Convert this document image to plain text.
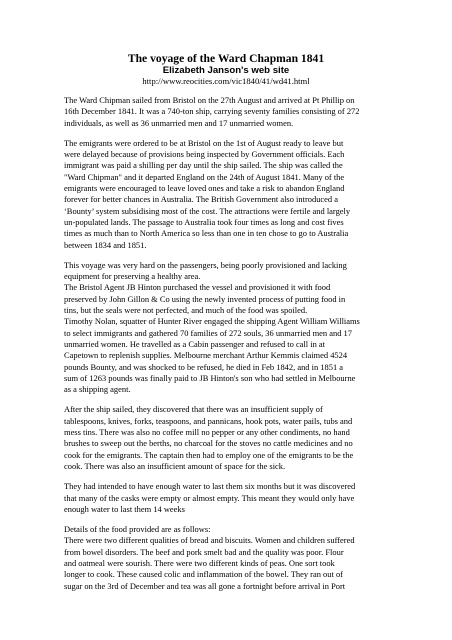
The voyage of the Ward Chapman 1841
Elizabeth Janson's web site
http://www.reocities.com/vic1840/41/wd41.html

The Ward Chipman sailed from Bristol on the 27th August and arrived at Pt Phillip on
16th December 1841. It was a 740-ton ship, carrying seventy families consisting of 272
individuals, as well as 36 unmarried men and 17 unmarried women.

The emigrants were ordered to be at Bristol on the 1st of August ready to leave but
were delayed because of provisions being inspected by Government officials. Each
immigrant was paid a shilling per day until the ship sailed. The ship was called the
"Ward Chipman" and it departed England on the 24th of August 1841. Many of the
emigrants were encouraged to leave loved ones and take a risk to abandon England
forever for better chances in Australia. The British Government also introduced a
‘Bounty’ system subsidising most of the cost. The attractions were fertile and largely
un-populated lands. The passage to Australia took four times as long and cost fives
times as much than to North America so less than one in ten chose to go to Australia
between 1834 and 1851.

This voyage was very hard on the passengers, being poorly provisioned and lacking
equipment for preserving a healthy area.
The Bristol Agent JB Hinton purchased the vessel and provisioned it with food
preserved by John Gillon & Co using the newly invented process of putting food in
tins, but the seals were not perfected, and much of the food was spoiled.
Timothy Nolan, squatter of Hunter River engaged the shipping Agent William Williams
to select immigrants and gathered 70 families of 272 souls, 36 unmarried men and 17
unmarried women. He travelled as a Cabin passenger and refused to call in at
Capetown to replenish supplies. Melbourne merchant Arthur Kemmis claimed 4524
pounds Bounty, and was shocked to be refused, he died in Feb 1842, and in 1851 a
sum of 1263 pounds was finally paid to JB Hinton's son who had settled in Melbourne
as a shipping agent.

After the ship sailed, they discovered that there was an insufficient supply of
tablespoons, knives, forks, teaspoons, and pannicans, hook pots, water pails, tubs and
mess tins. There was also no coffee mill no pepper or any other condiments, no hand
brushes to sweep out the berths, no charcoal for the stoves no cattle medicines and no
cook for the emigrants. The captain then had to employ one of the emigrants to be the
cook. There was also an insufficient amount of space for the sick.

They had intended to have enough water to last them six months but it was discovered
that many of the casks were empty or almost empty. This meant they would only have
enough water to last them 14 weeks

Details of the food provided are as follows:
There were two different qualities of bread and biscuits. Women and children suffered
from bowel disorders. The beef and pork smelt bad and the quality was poor. Flour
and oatmeal were sourish. There were two different kinds of peas. One sort took
longer to cook. These caused colic and inflammation of the bowel. They ran out of
sugar on the 3rd of December and tea was all gone a fortnight before arrival in Port
